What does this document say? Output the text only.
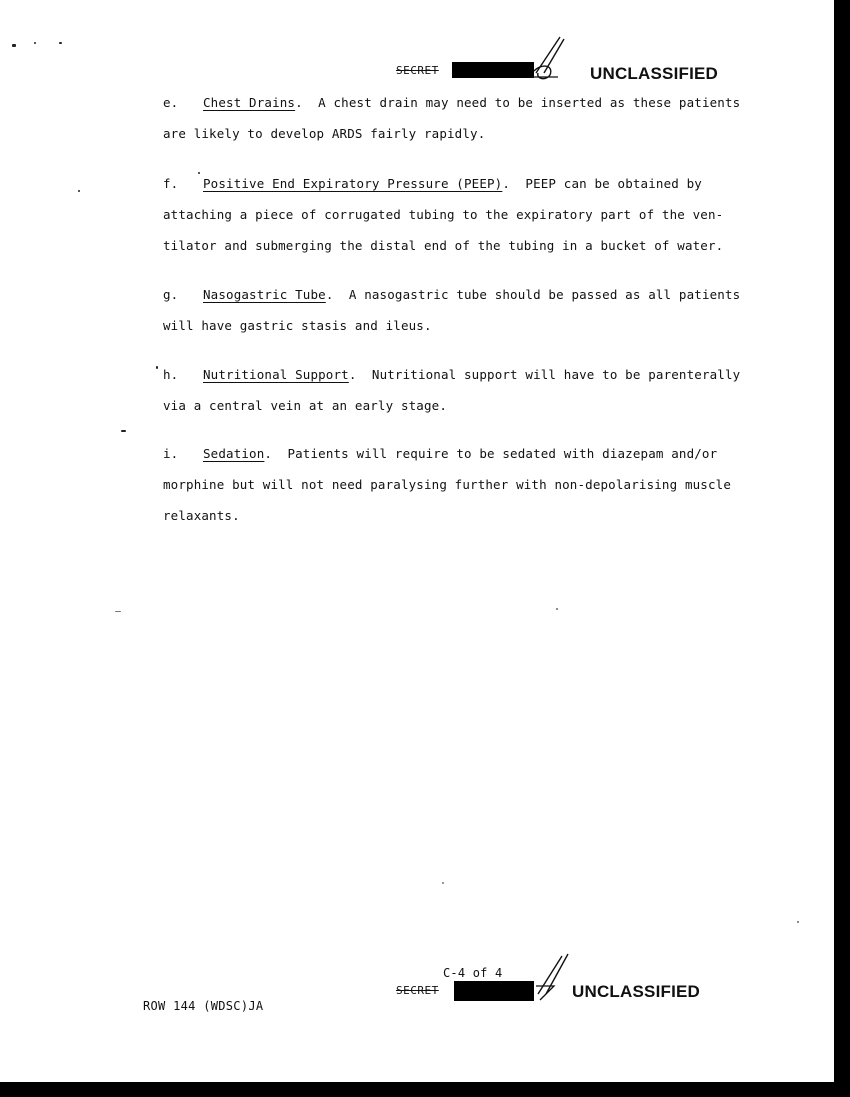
SECRET	UNCLASSIFIED
e. Chest Drains. A chest drain may need to be inserted as these patients
are likely to develop ARDS fairly rapidly.
f. Positive End Expiratory Pressure (PEEP). PEEP can be obtained by
attaching a piece of corrugated tubing to the expiratory part of the ven-
tilator and submerging the distal end of the tubing in a bucket of water.
g. Nasogastric Tube. A nasogastric tube should be passed as all patients
will have gastric stasis and ileus.
h. Nutritional Support. Nutritional support will have to be parenterally
via a central vein at an early stage.
i. Sedation. Patients will require to be sedated with diazepam and/or
morphine but will not need paralysing further with non-depolarising muscle
relaxants.
C-4 of 4
SECRET	UNCLASSIFIED
ROW 144 (WDSC)JA
